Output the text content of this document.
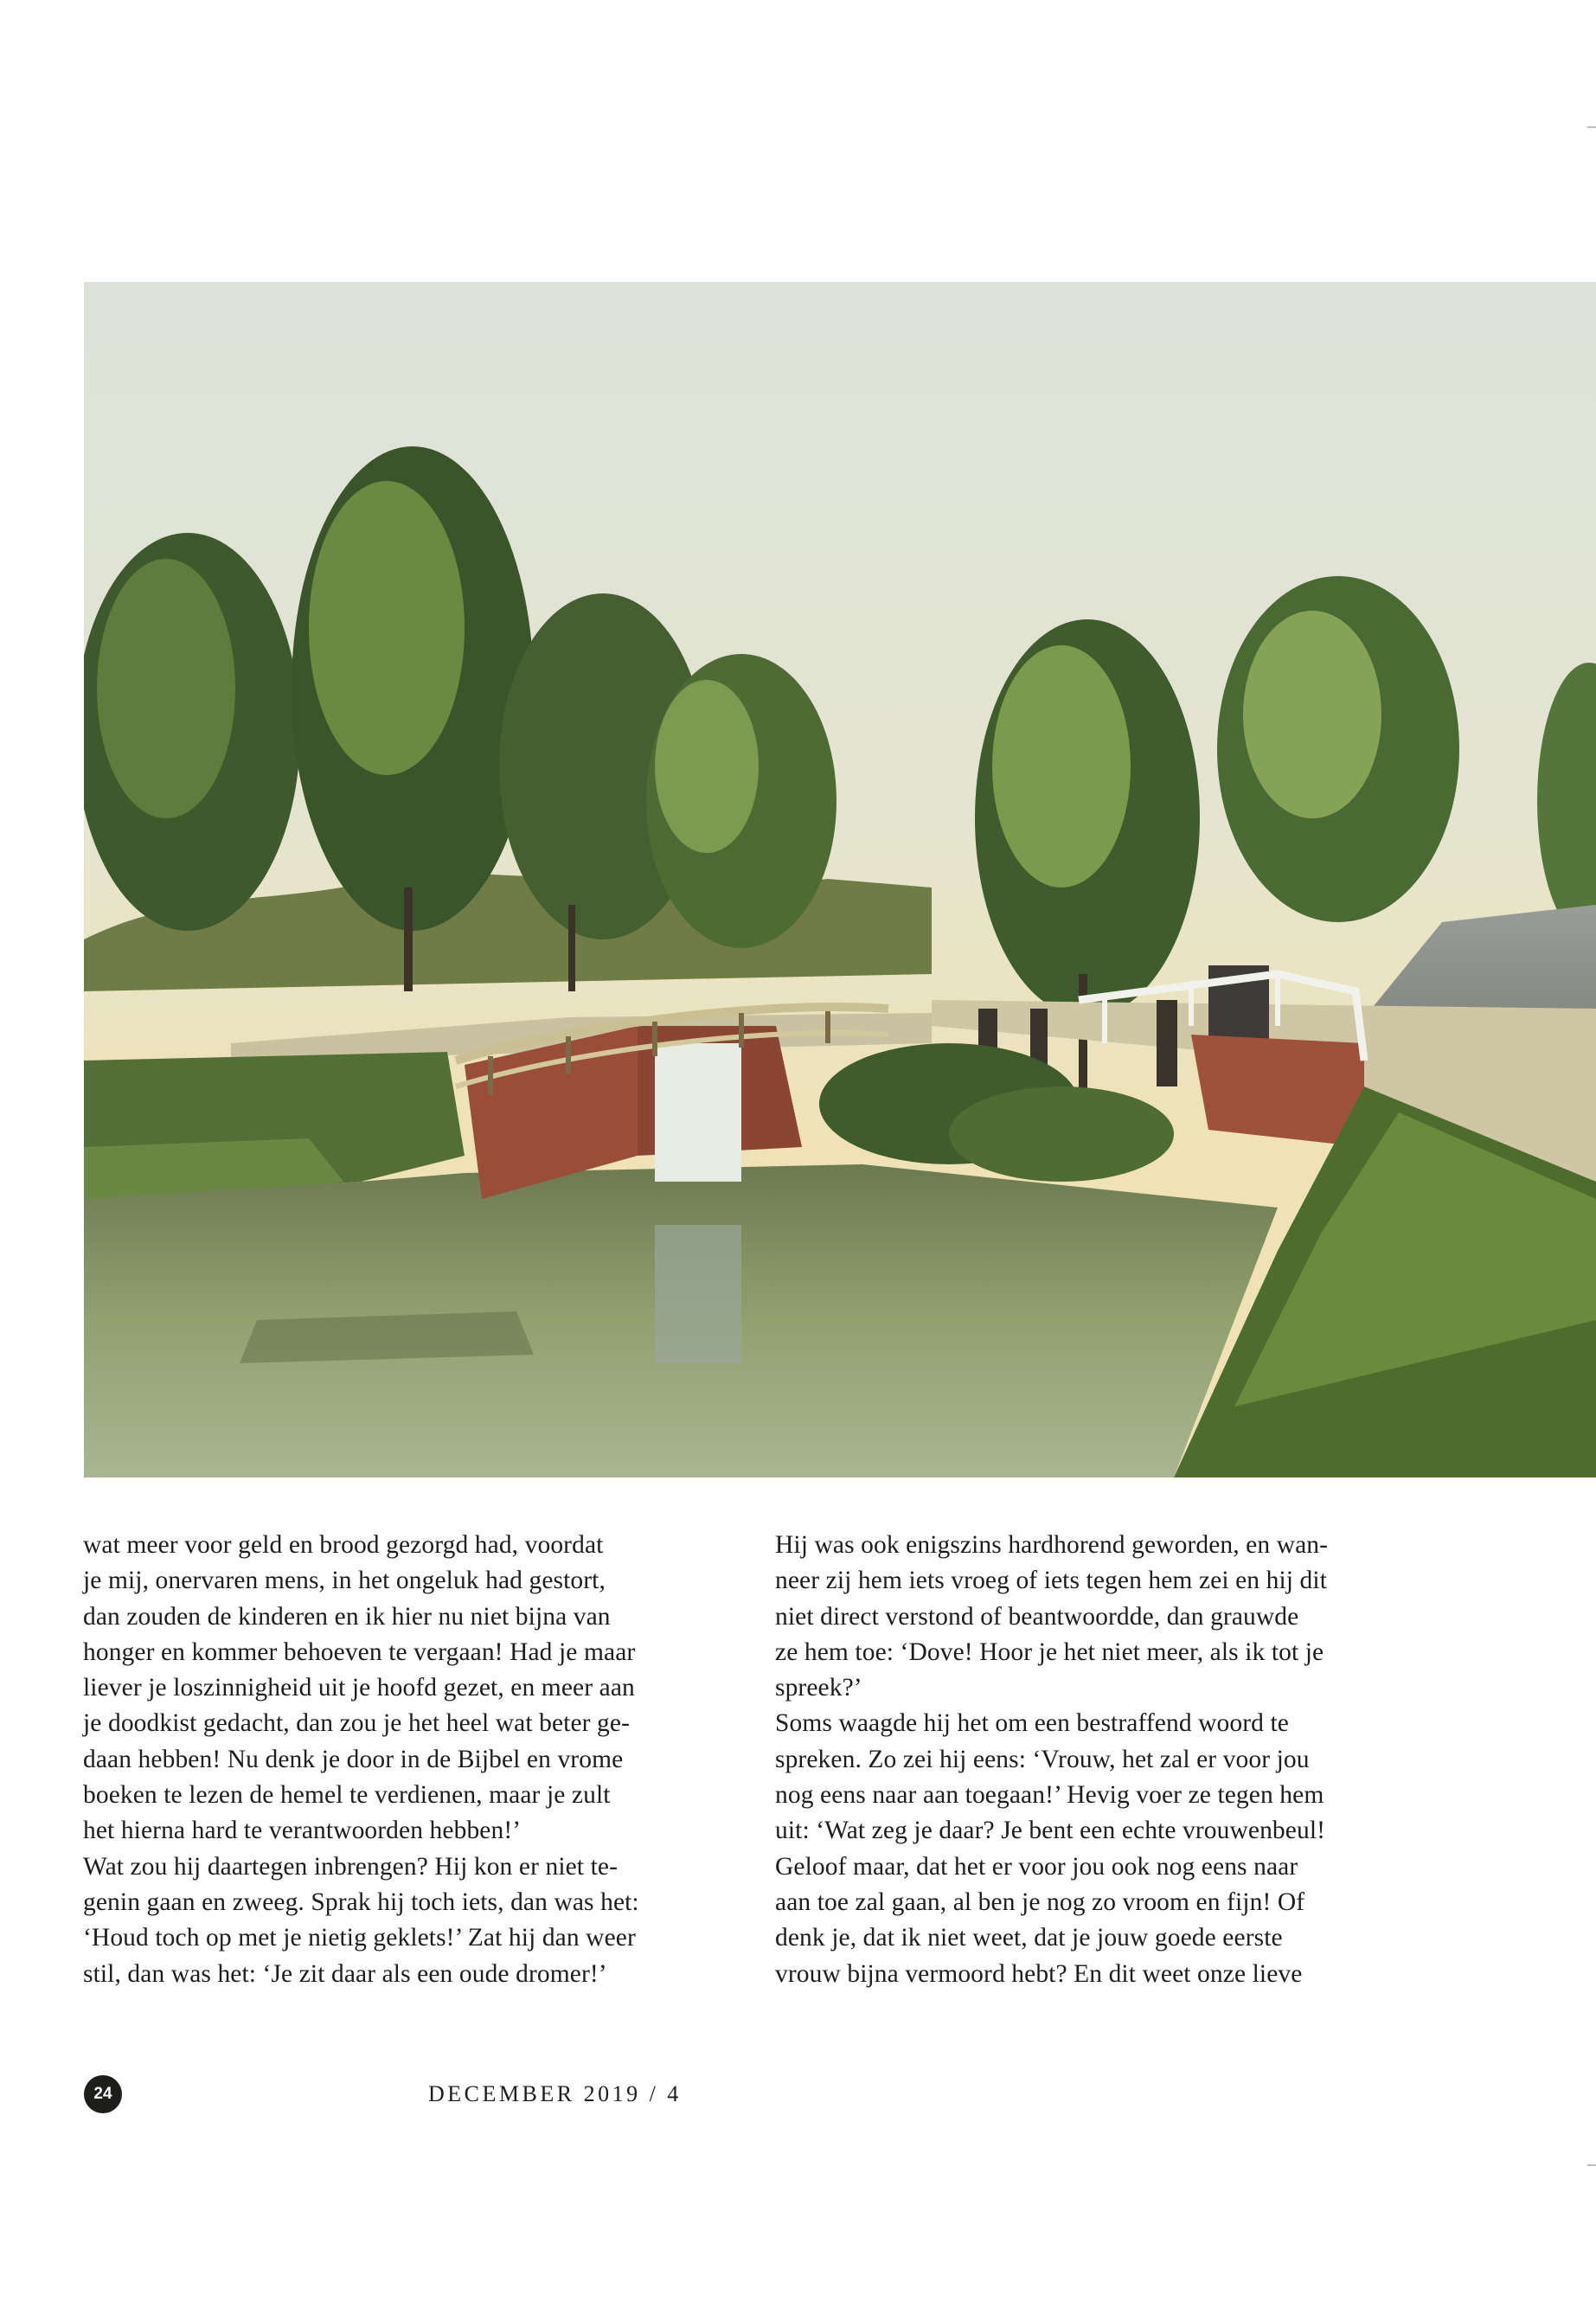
wat meer voor geld en brood gezorgd had, voordat

je mij, onervaren mens, in het ongeluk had gestort,

dan zouden de kinderen en ik hier nu niet bijna van

honger en kommer behoeven te vergaan! Had je maar

liever je loszinnigheid uit je hoofd gezet, en meer aan

je doodkist gedacht, dan zou je het heel wat beter ge-

daan hebben! Nu denk je door in de Bijbel en vrome

boeken te lezen de hemel te verdienen, maar je zult

het hierna hard te verantwoorden hebben!’

Wat zou hij daartegen inbrengen? Hij kon er niet te-

genin gaan en zweeg. Sprak hij toch iets, dan was het:

‘Houd toch op met je nietig geklets!’ Zat hij dan weer

stil, dan was het: ‘Je zit daar als een oude dromer!’

Hij was ook enigszins hardhorend geworden, en wan-

neer zij hem iets vroeg of iets tegen hem zei en hij dit

niet direct verstond of beantwoordde, dan grauwde

ze hem toe: ‘Dove! Hoor je het niet meer, als ik tot je

spreek?’

Soms waagde hij het om een bestraffend woord te

spreken. Zo zei hij eens: ‘Vrouw, het zal er voor jou

nog eens naar aan toegaan!’ Hevig voer ze tegen hem

uit: ‘Wat zeg je daar? Je bent een echte vrouwenbeul!

Geloof maar, dat het er voor jou ook nog eens naar

aan toe zal gaan, al ben je nog zo vroom en fijn! Of

denk je, dat ik niet weet, dat je jouw goede eerste

vrouw bijna vermoord hebt? En dit weet onze lieve

24	DECEMBER 2019 / 4
